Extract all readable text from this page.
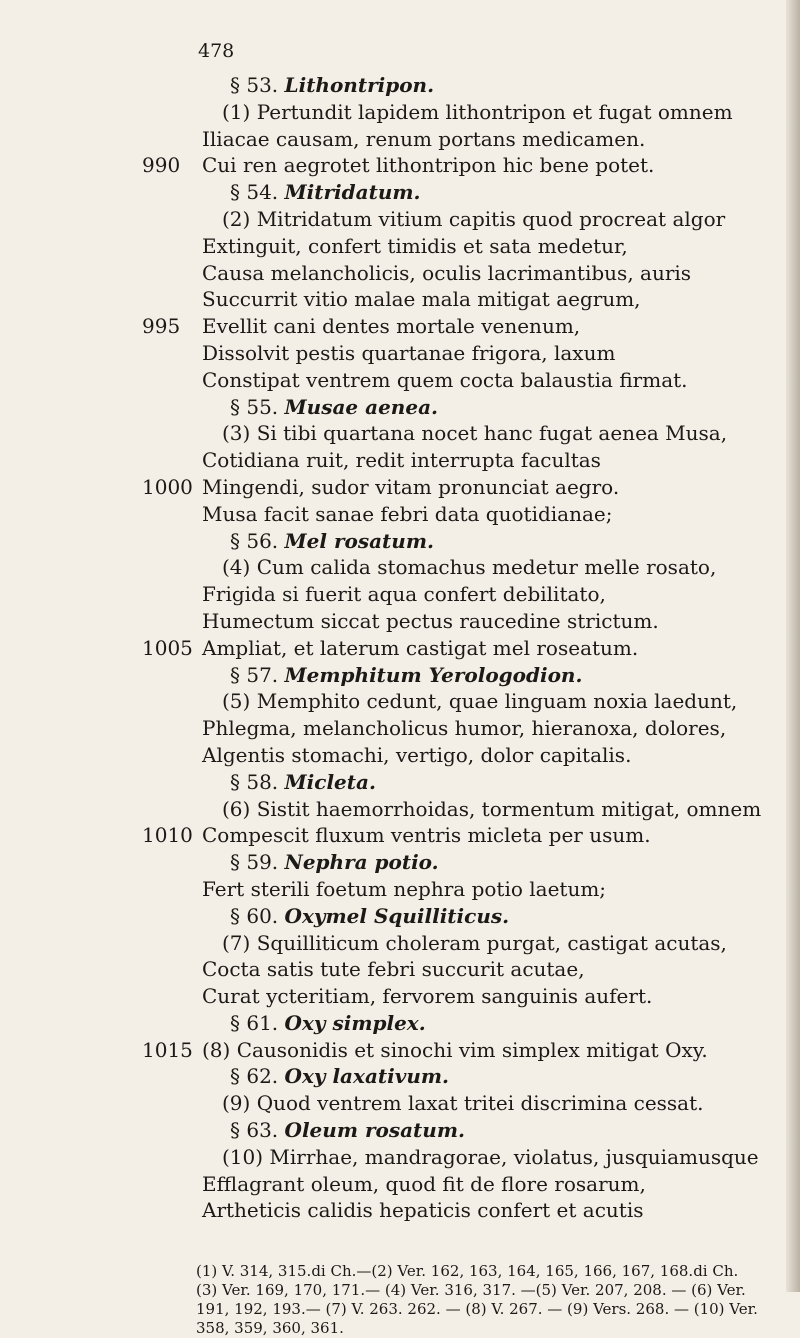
478
§ 53. Lithontripon.
(1) Pertundit lapidem lithontripon et fugat omnem
Iliacae causam, renum portans medicamen.
990	Cui ren aegrotet lithontripon hic bene potet.
§ 54. Mitridatum.
(2) Mitridatum vitium capitis quod procreat algor
Extinguit, confert timidis et sata medetur,
Causa melancholicis, oculis lacrimantibus, auris
Succurrit vitio malae mala mitigat aegrum,
995	Evellit cani dentes mortale venenum,
Dissolvit pestis quartanae frigora, laxum
Constipat ventrem quem cocta balaustia firmat.
§ 55. Musae aenea.
(3) Si tibi quartana nocet hanc fugat aenea Musa,
Cotidiana ruit, redit interrupta facultas
1000 Mingendi, sudor vitam pronunciat aegro.
Musa facit sanae febri data quotidianae;
§ 56. Mel rosatum.
(4) Cum calida stomachus medetur melle rosato,
Frigida si fuerit aqua confert debilitato,
Humectum siccat pectus raucedine strictum.
1005 Ampliat, et laterum castigat mel roseatum.
§ 57. Memphitum Yerologodion.
(5) Memphito cedunt, quae linguam noxia laedunt,
Phlegma, melancholicus humor, hieranoxa, dolores,
Algentis stomachi, vertigo, dolor capitalis.
§ 58. Micleta.
(6) Sistit haemorrhoidas, tormentum mitigat, omnem
1010 Compescit fluxum ventris micleta per usum.
§ 59. Nephra potio.
Fert sterili foetum nephra potio laetum;
§ 60. Oxymel Squilliticus.
(7) Squilliticum choleram purgat, castigat acutas,
Cocta satis tute febri succurit acutae,
Curat ycteritiam, fervorem sanguinis aufert.
§ 61. Oxy simplex.
1015 (8) Causonidis et sinochi vim simplex mitigat Oxy.
§ 62. Oxy laxativum.
(9) Quod ventrem laxat tritei discrimina cessat.
§ 63. Oleum rosatum.
(10) Mirrhae, mandragorae, violatus, jusquiamusque
Efflagrant oleum, quod fit de flore rosarum,
Artheticis calidis hepaticis confert et acutis
(1) V. 314, 315.di Ch.—(2) Ver. 162, 163, 164, 165, 166, 167, 168.di Ch.
(3) Ver. 169, 170, 171.— (4) Ver. 316, 317. —(5) Ver. 207, 208. — (6) Ver.
191, 192, 193.— (7) V. 263. 262. — (8) V. 267. — (9) Vers. 268. — (10) Ver.
358, 359, 360, 361.
